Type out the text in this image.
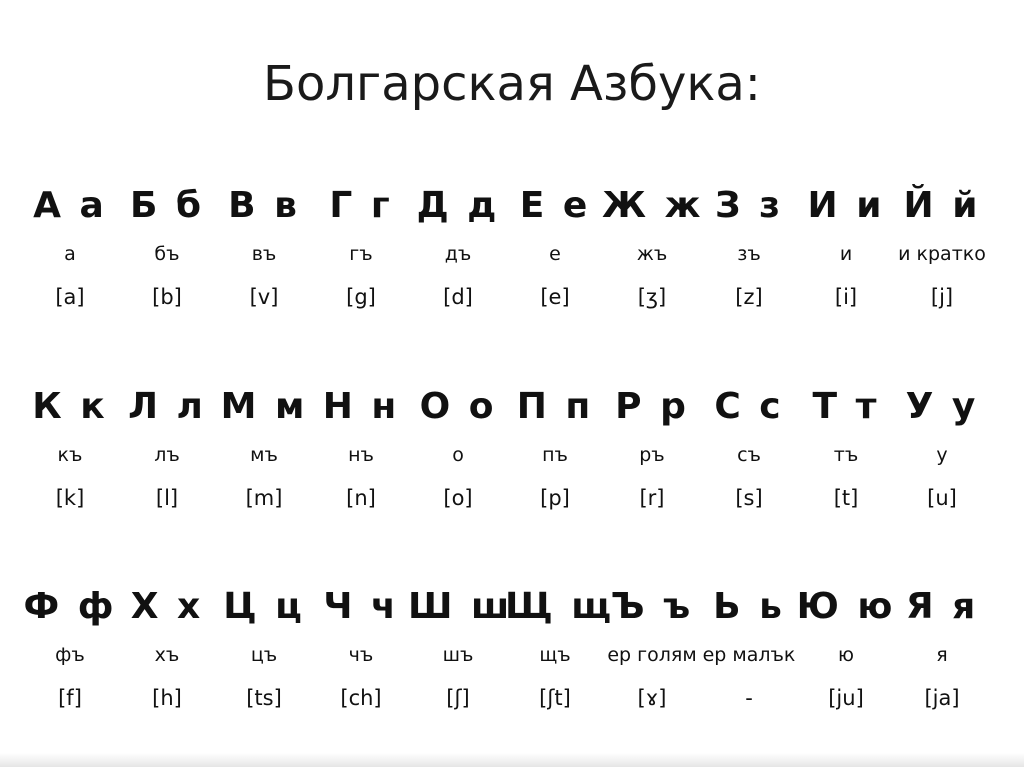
Болгарская Азбука:
А а
а
[a]
Б б
бъ
[b]
В в
въ
[v]
Г г
гъ
[g]
Д д
дъ
[d]
Е е
е
[e]
Ж ж
жъ
[ʒ]
З з
зъ
[z]
И и
и
[i]
Й й
и кратко
[j]
К к
къ
[k]
Л л
лъ
[l]
М м
мъ
[m]
Н н
нъ
[n]
О о
о
[o]
П п
пъ
[p]
Р р
ръ
[r]
С с
съ
[s]
Т т
тъ
[t]
У у
у
[u]
Ф ф
фъ
[f]
Х х
хъ
[h]
Ц ц
цъ
[ts]
Ч ч
чъ
[ch]
Ш ш
шъ
[ʃ]
Щ щ
щъ
[ʃt]
Ъ ъ
ер голям
[ɤ]
Ь ь
ер малък
-
Ю ю
ю
[ju]
Я я
я
[ja]
